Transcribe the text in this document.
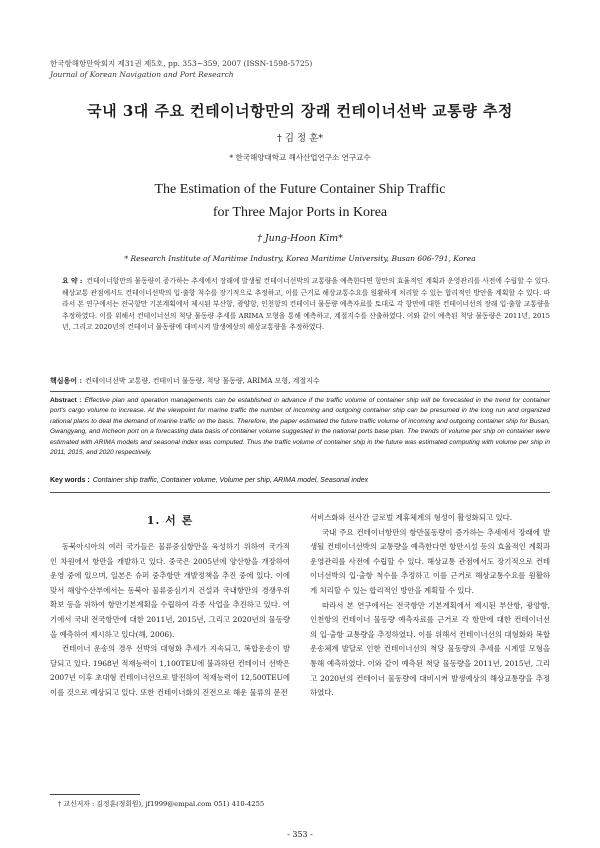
한국항해항만학회지 제31권 제5호, pp. 353~359, 2007 (ISSN-1598-5725)
Journal of Korean Navigation and Port Research
국내 3대 주요 컨테이너항만의 장래 컨테이너선박 교통량 추정
† 김 정 훈*
* 한국해양대학교 해사산업연구소 연구교수
The Estimation of the Future Container Ship Traffic
for Three Major Ports in Korea
† Jung-Hoon Kim*
* Research Institute of Maritime Industry, Korea Maritime University, Busan 606-791, Korea
요 약 : 컨테이너항만의 물동량이 증가하는 추세에서 장래에 발생될 컨테이너선박의 교통량을 예측한다면 항만의 효율적인 계획과 운영관리를 사전에 수립할 수 있다. 해상교통 관점에서도 컨테이너선박의 입·출항 척수를 장기적으로 추정하고, 이를 근거로 해상교통수요를 원활하게 처리할 수 있는 합리적인 방안을 계획할 수 있다. 따라서 본 연구에서는 전국항만 기본계획에서 제시된 부산항, 광양항, 인천항의 컨테이너 물동량 예측자료를 토대로 각 항만에 대한 컨테이너선의 장래 입·출항 교통량을 추정하였다. 이를 위해서 컨테이너선의 척당 물동량 추세를 ARIMA 모형을 통해 예측하고, 계절지수를 산출하였다. 이와 같이 예측된 척당 물동량은 2011년, 2015년, 그리고 2020년의 컨테이너 물동량에 대비시켜 발생예상의 해상교통량을 추정하였다.
핵심용어 : 컨테이너선박 교통량, 컨테이너 물동량, 척당 물동량, ARIMA 모형, 계절지수
Abstract : Effective plan and operation managements can be established in advance if the traffic volume of container ship will be forecasted in the trend for container port's cargo volume to increase. At the viewpoint for marine traffic the number of incoming and outgoing container ship can be presumed in the long run and organized rational plans to deal the demand of marine traffic on the basis. Therefore, the paper estimated the future traffic volume of incoming and outgoing container ship for Busan, Gwangyang, and Incheon port on a forecasting data basis of container volume suggested in the national ports base plan. The trends of volume per ship on container were estimated with ARIMA models and seasonal index was computed. Thus the traffic volume of container ship in the future was estimated computing with volume per ship in 2011, 2015, and 2020 respectively.
Key words : Container ship traffic, Container volume, Volume per ship, ARIMA model, Seasonal index
1. 서 론

동북아시아의 여러 국가들은 물류중심항만을 육성하기 위하여 국가적인 차원에서 항만을 개발하고 있다. 중국은 2005년에 양산항을 개장하여 운영 중에 있으며, 일본은 슈퍼 중추항만 개발정책을 추진 중에 있다. 이에 맞서 해양수산부에서는 동북아 물류중심기지 건설과 국내항만의 경쟁우위 확보 등을 위하여 항만기본계획을 수립하여 각종 사업을 추진하고 있다. 여기에서 국내 전국항만에 대한 2011년, 2015년, 그리고 2020년의 물동량을 예측하여 제시하고 있다(해, 2006).

컨테이너 운송의 경우 선박의 대형화 추세가 지속되고, 복합운송이 발달되고 있다. 1968년 적재능력이 1,100TEU에 불과하던 컨테이너 선박은 2007년 이후 초대형 컨테이너선으로 발전하여 적재능력이 12,500TEU에 이를 것으로 예상되고 있다. 또한 컨테이너화의 진전으로 해운 물류의 문전

서비스화와 선사간 글로벌 제휴체계의 형성이 활성화되고 있다.

국내 주요 컨테이너항만의 항만물동량이 증가하는 추세에서 장래에 발생될 컨테이너선박의 교통량을 예측한다면 항만시설 등의 효율적인 계획과 운영관리를 사전에 수립할 수 있다. 해상교통 관점에서도 장기적으로 컨테이너선박의 입·출항 척수를 추정하고 이를 근거로 해상교통수요를 원활하게 처리할 수 있는 합리적인 방안을 계획할 수 있다.

따라서 본 연구에서는 전국항만 기본계획에서 제시된 부산항, 광양항, 인천항의 컨테이너 물동량 예측자료를 근거로 각 항만에 대한 컨테이너선의 입·출항 교통량을 추정하였다. 이를 위해서 컨테이너선의 대형화와 복합운송체계 발달로 인한 컨테이너선의 척당 물동량의 추세를 시계열 모형을 통해 예측하였다. 이와 같이 예측된 척당 물동량을 2011년, 2015년, 그리고 2020년의 컨테이너 물동량에 대비시켜 발생예상의 해상교통량을 추정하였다.

† 교신저자 : 김정훈(정회원), jf1999@empal.com 051) 410-4255
- 353 -
